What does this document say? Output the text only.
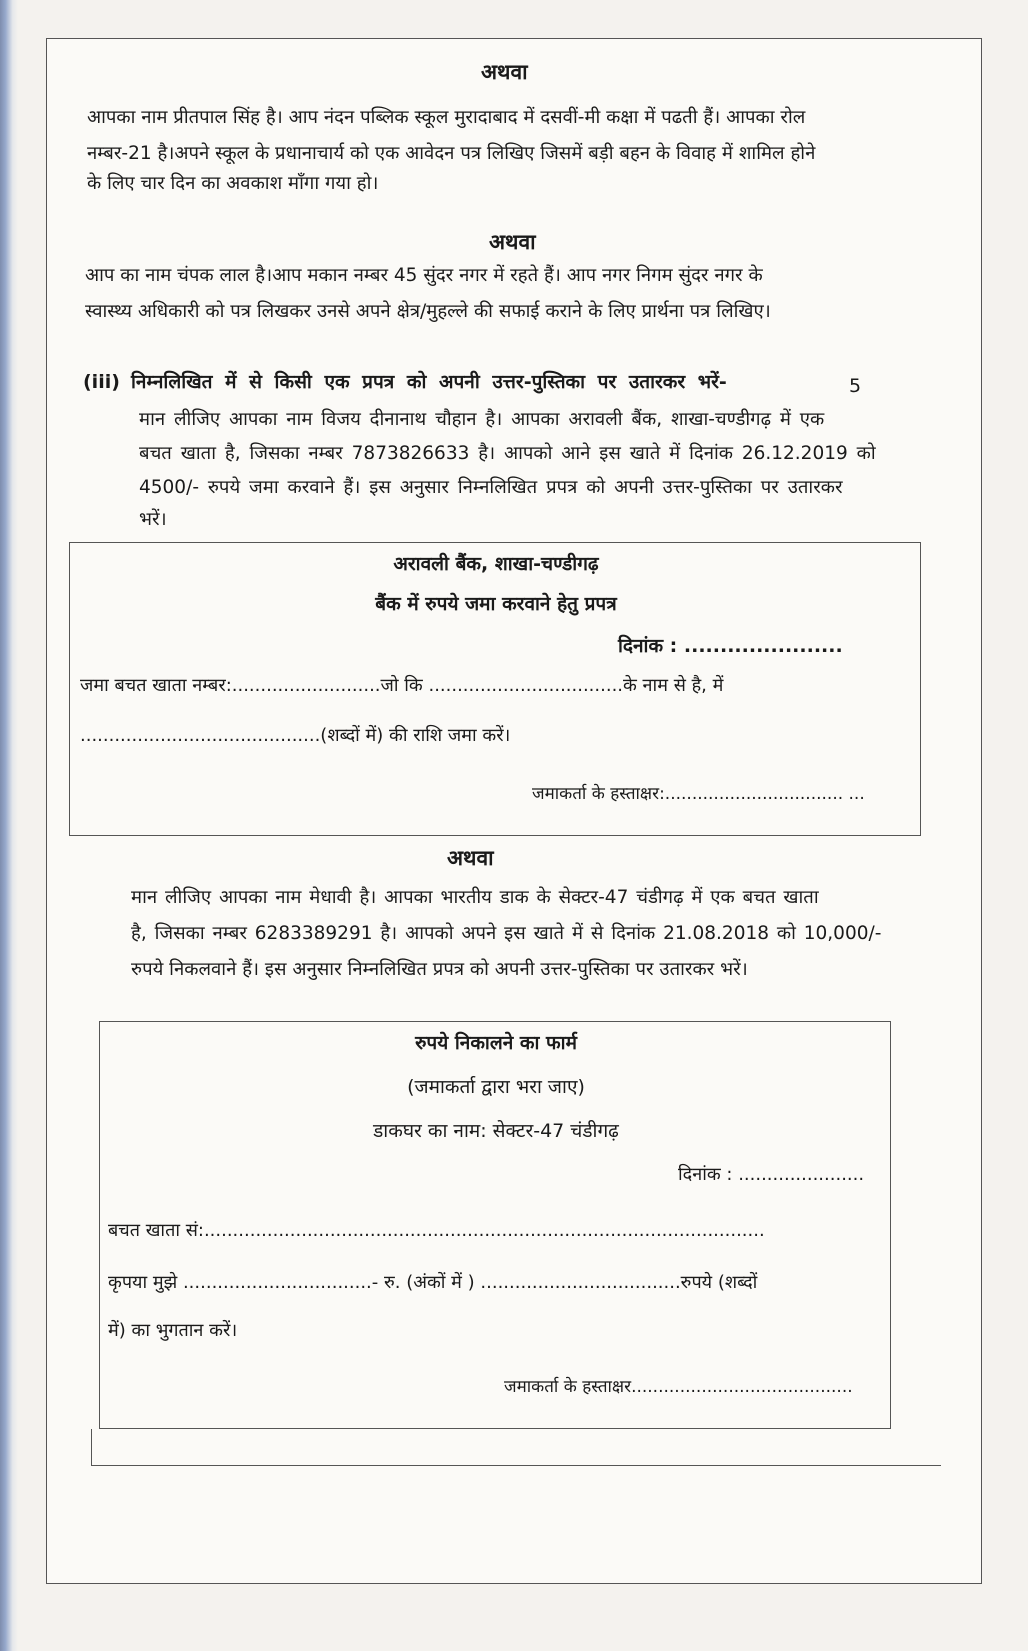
अथवा
आपका नाम प्रीतपाल सिंह है। आप नंदन पब्लिक स्कूल मुरादाबाद में दसवीं-मी कक्षा में पढती हैं। आपका रोल
नम्बर-21 है।अपने स्कूल के प्रधानाचार्य को एक आवेदन पत्र लिखिए जिसमें बड़ी बहन के विवाह में शामिल होने
के लिए चार दिन का अवकाश माँगा गया हो।
अथवा
आप का नाम चंपक लाल है।आप मकान नम्बर 45 सुंदर नगर में रहते हैं। आप नगर निगम सुंदर नगर के
स्वास्थ्य अधिकारी को पत्र लिखकर उनसे अपने क्षेत्र/मुहल्ले की सफाई कराने के लिए प्रार्थना पत्र लिखिए।
(iii) निम्नलिखित में से किसी एक प्रपत्र को अपनी उत्तर-पुस्तिका पर उतारकर भरें-	5
मान लीजिए आपका नाम विजय दीनानाथ चौहान है। आपका अरावली बैंक, शाखा-चण्डीगढ़ में एक
बचत खाता है, जिसका नम्बर 7873826633 है। आपको आने इस खाते में दिनांक 26.12.2019 को
4500/- रुपये जमा करवाने हैं। इस अनुसार निम्नलिखित प्रपत्र को अपनी उत्तर-पुस्तिका पर उतारकर
भरें।
अरावली बैंक, शाखा-चण्डीगढ़
बैंक में रुपये जमा करवाने हेतु प्रपत्र
दिनांक : ......................
जमा बचत खाता नम्बर:..........................जो कि ..................................के नाम से है, में
..........................................(शब्दों में) की राशि जमा करें।
जमाकर्ता के हस्ताक्षर:................................. ...
अथवा
मान लीजिए आपका नाम मेधावी है। आपका भारतीय डाक के सेक्टर-47 चंडीगढ़ में एक बचत खाता
है, जिसका नम्बर 6283389291 है। आपको अपने इस खाते में से दिनांक 21.08.2018 को 10,000/-
रुपये निकलवाने हैं। इस अनुसार निम्नलिखित प्रपत्र को अपनी उत्तर-पुस्तिका पर उतारकर भरें।
रुपये निकालने का फार्म
(जमाकर्ता द्वारा भरा जाए)
डाकघर का नाम: सेक्टर-47 चंडीगढ़
दिनांक : ......................
बचत खाता सं:..................................................................................................
कृपया मुझे .................................- रु. (अंकों में ) ...................................रुपये (शब्दों
में) का भुगतान करें।
जमाकर्ता के हस्ताक्षर.........................................
